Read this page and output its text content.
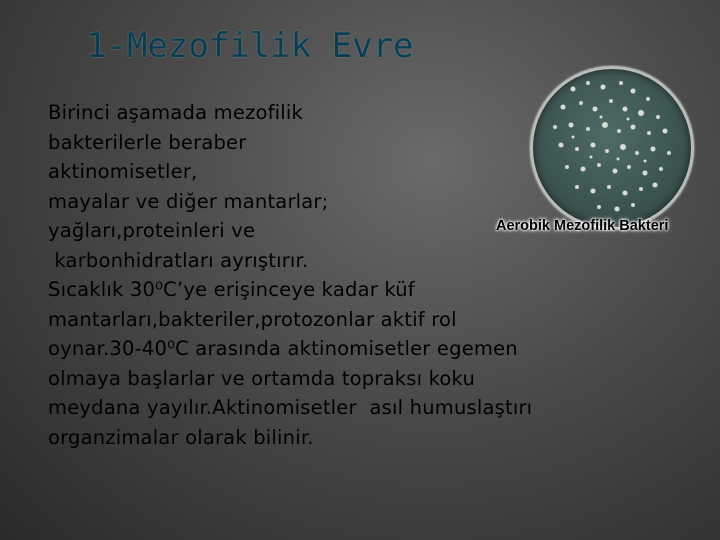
1-Mezofilik Evre
Aerobik Mezofilik Bakteri
Birinci aşamada mezofilik
bakterilerle beraber
aktinomisetler,
mayalar ve diğer mantarlar;
yağları,proteinleri ve
karbonhidratları ayrıştırır.
Sıcaklık 30⁰C’ye erişinceye kadar küf
mantarları,bakteriler,protozonlar aktif rol
oynar.30-40⁰C arasında aktinomisetler egemen
olmaya başlarlar ve ortamda topraksı koku
meydana yayılır.Aktinomisetler  asıl humuslaştırı
organzimalar olarak bilinir.
